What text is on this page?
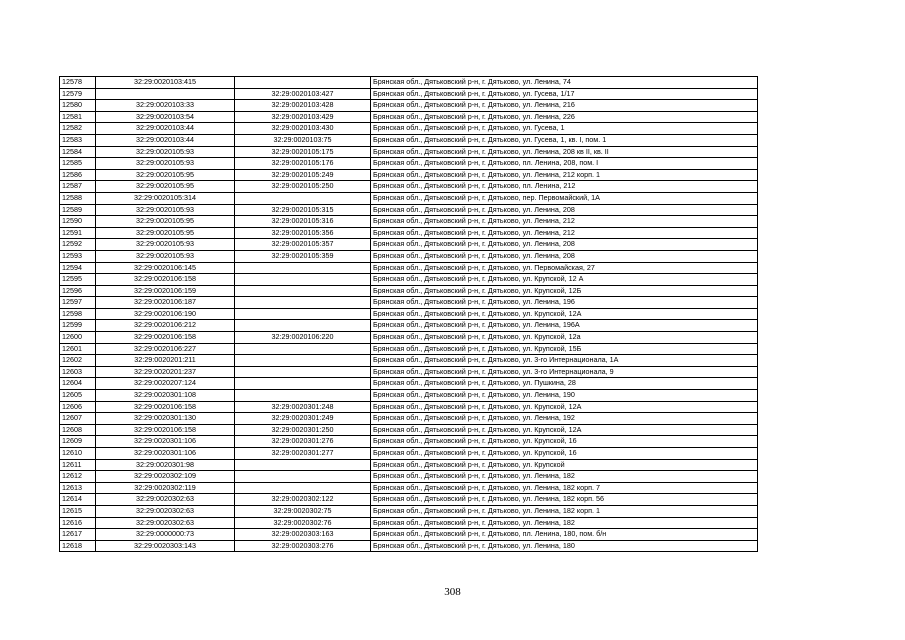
12578	32:29:0020103:415		Брянская обл., Дятьковский р-н, г. Дятьково, ул. Ленина, 74
12579		32:29:0020103:427	Брянская обл., Дятьковский р-н, г. Дятьково, ул. Гусева, 1/17
12580	32:29:0020103:33	32:29:0020103:428	Брянская обл., Дятьковский р-н, г. Дятьково, ул. Ленина, 216
12581	32:29:0020103:54	32:29:0020103:429	Брянская обл., Дятьковский р-н, г. Дятьково, ул. Ленина, 226
12582	32:29:0020103:44	32:29:0020103:430	Брянская обл., Дятьковский р-н, г. Дятьково, ул. Гусева, 1
12583	32:29:0020103:44	32:29:0020103:75	Брянская обл., Дятьковский р-н, г. Дятьково, ул. Гусева, 1, кв. I, пом. 1
12584	32:29:0020105:93	32:29:0020105:175	Брянская обл., Дятьковский р-н, г. Дятьково, ул. Ленина, 208 кв II, кв. II
12585	32:29:0020105:93	32:29:0020105:176	Брянская обл., Дятьковский р-н, г. Дятьково, пл. Ленина, 208, пом. I
12586	32:29:0020105:95	32:29:0020105:249	Брянская обл., Дятьковский р-н, г. Дятьково, ул. Ленина, 212 корп. 1
12587	32:29:0020105:95	32:29:0020105:250	Брянская обл., Дятьковский р-н, г. Дятьково, пл. Ленина, 212
12588	32:29:0020105:314		Брянская обл., Дятьковский р-н, г. Дятьково, пер. Первомайский, 1А
12589	32:29:0020105:93	32:29:0020105:315	Брянская обл., Дятьковский р-н, г. Дятьково, ул. Ленина, 208
12590	32:29:0020105:95	32:29:0020105:316	Брянская обл., Дятьковский р-н, г. Дятьково, ул. Ленина, 212
12591	32:29:0020105:95	32:29:0020105:356	Брянская обл., Дятьковский р-н, г. Дятьково, ул. Ленина, 212
12592	32:29:0020105:93	32:29:0020105:357	Брянская обл., Дятьковский р-н, г. Дятьково, ул. Ленина, 208
12593	32:29:0020105:93	32:29:0020105:359	Брянская обл., Дятьковский р-н, г. Дятьково, ул. Ленина, 208
12594	32:29:0020106:145		Брянская обл., Дятьковский р-н, г. Дятьково, ул. Первомайская, 27
12595	32:29:0020106:158		Брянская обл., Дятьковский р-н, г. Дятьково, ул. Крупской, 12 А
12596	32:29:0020106:159		Брянская обл., Дятьковский р-н, г. Дятьково, ул. Крупской, 12Б
12597	32:29:0020106:187		Брянская обл., Дятьковский р-н, г. Дятьково, ул. Ленина, 196
12598	32:29:0020106:190		Брянская обл., Дятьковский р-н, г. Дятьково, ул. Крупской, 12А
12599	32:29:0020106:212		Брянская обл., Дятьковский р-н, г. Дятьково, ул. Ленина, 196А
12600	32:29:0020106:158	32:29:0020106:220	Брянская обл., Дятьковский р-н, г. Дятьково, ул. Крупской, 12а
12601	32:29:0020106:227		Брянская обл., Дятьковский р-н, г. Дятьково, ул. Крупской, 15Б
12602	32:29:0020201:211		Брянская обл., Дятьковский р-н, г. Дятьково, ул. 3-го Интернационала, 1А
12603	32:29:0020201:237		Брянская обл., Дятьковский р-н, г. Дятьково, ул. 3-го Интернационала, 9
12604	32:29:0020207:124		Брянская обл., Дятьковский р-н, г. Дятьково, ул. Пушкина, 28
12605	32:29:0020301:108		Брянская обл., Дятьковский р-н, г. Дятьково, ул. Ленина, 190
12606	32:29:0020106:158	32:29:0020301:248	Брянская обл., Дятьковский р-н, г. Дятьково, ул. Крупской, 12А
12607	32:29:0020301:130	32:29:0020301:249	Брянская обл., Дятьковский р-н, г. Дятьково, ул. Ленина, 192
12608	32:29:0020106:158	32:29:0020301:250	Брянская обл., Дятьковский р-н, г. Дятьково, ул. Крупской, 12А
12609	32:29:0020301:106	32:29:0020301:276	Брянская обл., Дятьковский р-н, г. Дятьково, ул. Крупской, 16
12610	32:29:0020301:106	32:29:0020301:277	Брянская обл., Дятьковский р-н, г. Дятьково, ул. Крупской, 16
12611	32:29:0020301:98		Брянская обл., Дятьковский р-н, г. Дятьково, ул. Крупской
12612	32:29:0020302:109		Брянская обл., Дятьковский р-н, г. Дятьково, ул. Ленина, 182
12613	32:29:0020302:119		Брянская обл., Дятьковский р-н, г. Дятьково, ул. Ленина, 182 корп. 7
12614	32:29:0020302:63	32:29:0020302:122	Брянская обл., Дятьковский р-н, г. Дятьково, ул. Ленина, 182 корп. 56
12615	32:29:0020302:63	32:29:0020302:75	Брянская обл., Дятьковский р-н, г. Дятьково, ул. Ленина, 182 корп. 1
12616	32:29:0020302:63	32:29:0020302:76	Брянская обл., Дятьковский р-н, г. Дятьково, ул. Ленина, 182
12617	32:29:0000000:73	32:29:0020303:163	Брянская обл., Дятьковский р-н, г. Дятьково, пл. Ленина, 180, пом. б/н
12618	32:29:0020303:143	32:29:0020303:276	Брянская обл., Дятьковский р-н, г. Дятьково, ул. Ленина, 180
308
